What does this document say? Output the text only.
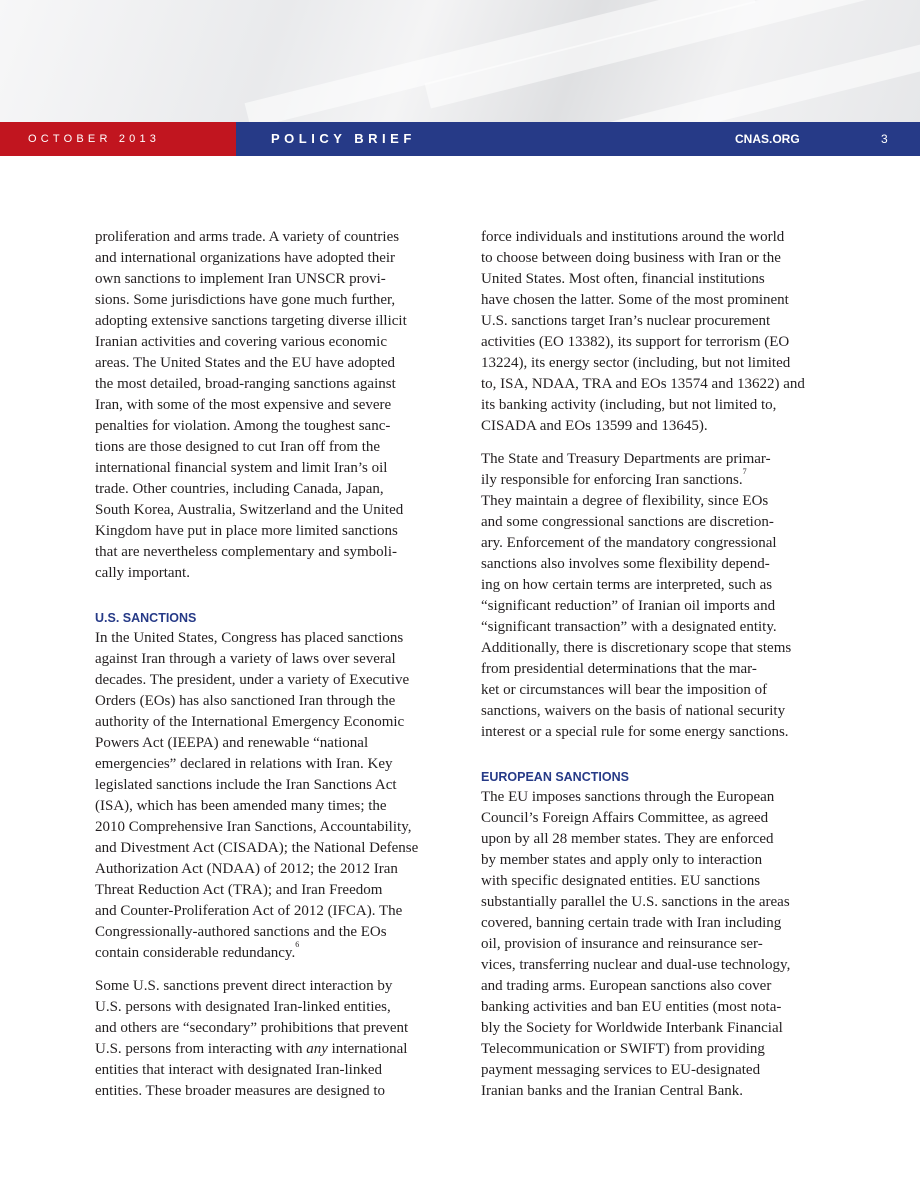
OCTOBER 2013	POLICY BRIEF	CNAS.ORG	3

proliferation and arms trade. A variety of countries
and international organizations have adopted their
own sanctions to implement Iran UNSCR provi-
sions. Some jurisdictions have gone much further,
adopting extensive sanctions targeting diverse illicit
Iranian activities and covering various economic
areas. The United States and the EU have adopted
the most detailed, broad-ranging sanctions against
Iran, with some of the most expensive and severe
penalties for violation. Among the toughest sanc-
tions are those designed to cut Iran off from the
international financial system and limit Iran’s oil
trade. Other countries, including Canada, Japan,
South Korea, Australia, Switzerland and the United
Kingdom have put in place more limited sanctions
that are nevertheless complementary and symboli-
cally important.

U.S. SANCTIONS

In the United States, Congress has placed sanctions
against Iran through a variety of laws over several
decades. The president, under a variety of Executive
Orders (EOs) has also sanctioned Iran through the
authority of the International Emergency Economic
Powers Act (IEEPA) and renewable “national
emergencies” declared in relations with Iran. Key
legislated sanctions include the Iran Sanctions Act
(ISA), which has been amended many times; the
2010 Comprehensive Iran Sanctions, Accountability,
and Divestment Act (CISADA); the National Defense
Authorization Act (NDAA) of 2012; the 2012 Iran
Threat Reduction Act (TRA); and Iran Freedom
and Counter-Proliferation Act of 2012 (IFCA). The
Congressionally-authored sanctions and the EOs
contain considerable redundancy.$^6$

Some U.S. sanctions prevent direct interaction by
U.S. persons with designated Iran-linked entities,
and others are “secondary” prohibitions that prevent
U.S. persons from interacting with any international
entities that interact with designated Iran-linked
entities. These broader measures are designed to

force individuals and institutions around the world
to choose between doing business with Iran or the
United States. Most often, financial institutions
have chosen the latter. Some of the most prominent
U.S. sanctions target Iran’s nuclear procurement
activities (EO 13382), its support for terrorism (EO
13224), its energy sector (including, but not limited
to, ISA, NDAA, TRA and EOs 13574 and 13622) and
its banking activity (including, but not limited to,
CISADA and EOs 13599 and 13645).

The State and Treasury Departments are primar-
ily responsible for enforcing Iran sanctions.$^7$
They maintain a degree of flexibility, since EOs
and some congressional sanctions are discretion-
ary. Enforcement of the mandatory congressional
sanctions also involves some flexibility depend-
ing on how certain terms are interpreted, such as
“significant reduction” of Iranian oil imports and
“significant transaction” with a designated entity.
Additionally, there is discretionary scope that stems
from presidential determinations that the mar-
ket or circumstances will bear the imposition of
sanctions, waivers on the basis of national security
interest or a special rule for some energy sanctions.

EUROPEAN SANCTIONS

The EU imposes sanctions through the European
Council’s Foreign Affairs Committee, as agreed
upon by all 28 member states. They are enforced
by member states and apply only to interaction
with specific designated entities. EU sanctions
substantially parallel the U.S. sanctions in the areas
covered, banning certain trade with Iran including
oil, provision of insurance and reinsurance ser-
vices, transferring nuclear and dual-use technology,
and trading arms. European sanctions also cover
banking activities and ban EU entities (most nota-
bly the Society for Worldwide Interbank Financial
Telecommunication or SWIFT) from providing
payment messaging services to EU-designated
Iranian banks and the Iranian Central Bank.
